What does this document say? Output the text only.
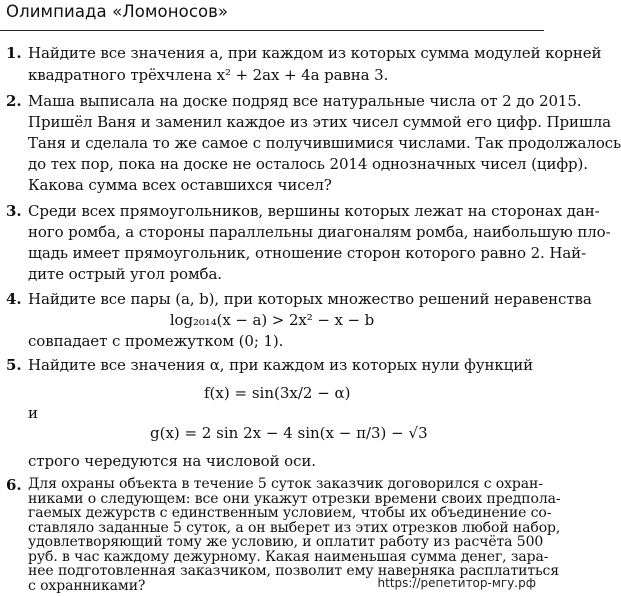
Олимпиада «Ломоносов»
1. Найдите все значения a, при каждом из которых сумма модулей корней
квадратного трёхчлена x² + 2ax + 4a равна 3.
2. Маша выписала на доске подряд все натуральные числа от 2 до 2015.
Пришёл Ваня и заменил каждое из этих чисел суммой его цифр. Пришла
Таня и сделала то же самое с получившимися числами. Так продолжалось
до тех пор, пока на доске не осталось 2014 однозначных чисел (цифр).
Какова сумма всех оставшихся чисел?
3. Среди всех прямоугольников, вершины которых лежат на сторонах дан-
ного ромба, а стороны параллельны диагоналям ромба, наибольшую пло-
щадь имеет прямоугольник, отношение сторон которого равно 2. Най-
дите острый угол ромба.
4. Найдите все пары (a, b), при которых множество решений неравенства
log₂₀₁₄(x − a) > 2x² − x − b
совпадает с промежутком (0; 1).
5. Найдите все значения α, при каждом из которых нули функций
f(x) = sin(3x/2 − α)
и
g(x) = 2 sin 2x − 4 sin(x − π/3) − √3
строго чередуются на числовой оси.
6. Для охраны объекта в течение 5 суток заказчик договорился с охран-
никами о следующем: все они укажут отрезки времени своих предпола-
гаемых дежурств с единственным условием, чтобы их объединение со-
ставляло заданные 5 суток, а он выберет из этих отрезков любой набор,
удовлетворяющий тому же условию, и оплатит работу из расчёта 500
руб. в час каждому дежурному. Какая наименьшая сумма денег, зара-
нее подготовленная заказчиком, позволит ему наверняка расплатиться
с охранниками?	https://репетитор-мгу.рф
